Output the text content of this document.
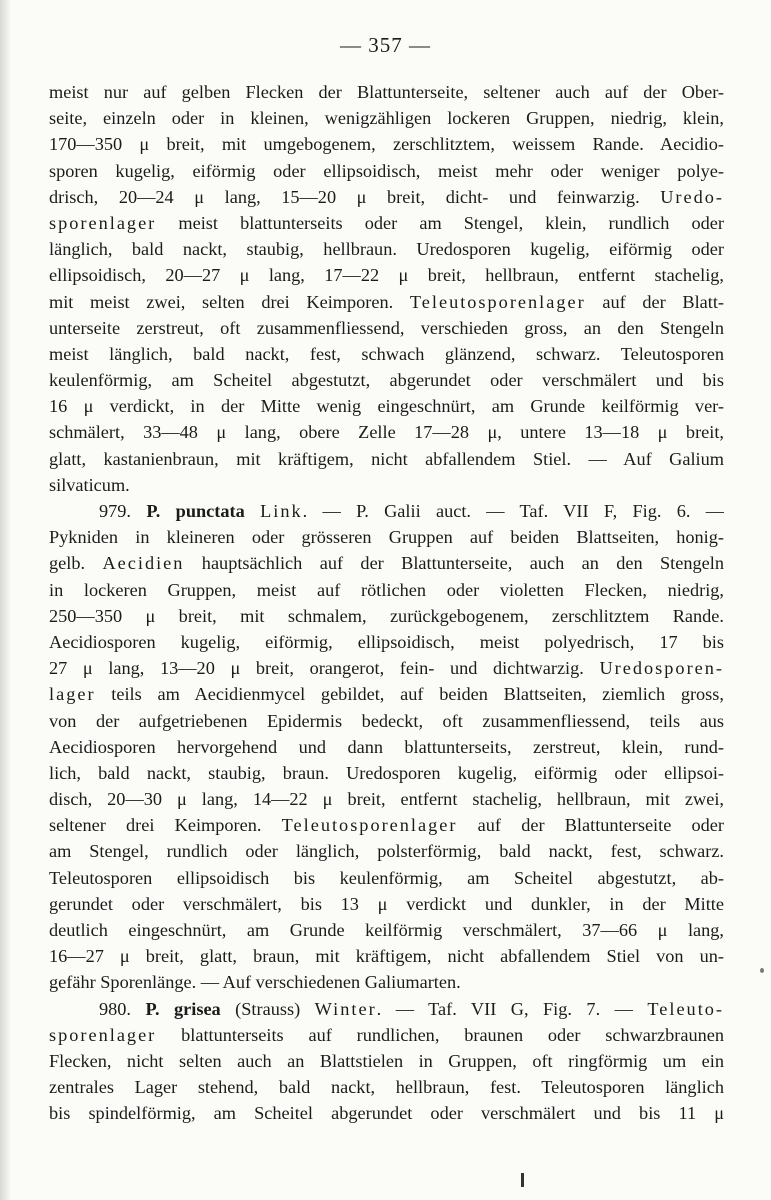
— 357 —
meist nur auf gelben Flecken der Blattunterseite, seltener auch auf der Ober-
seite, einzeln oder in kleinen, wenigzähligen lockeren Gruppen, niedrig, klein,
170—350 μ breit, mit umgebogenem, zerschlitztem, weissem Rande. Aecidio-
sporen kugelig, eiförmig oder ellipsoidisch, meist mehr oder weniger polye-
drisch, 20—24 μ lang, 15—20 μ breit, dicht- und feinwarzig. Uredo-
sporenlager meist blattunterseits oder am Stengel, klein, rundlich oder
länglich, bald nackt, staubig, hellbraun. Uredosporen kugelig, eiförmig oder
ellipsoidisch, 20—27 μ lang, 17—22 μ breit, hellbraun, entfernt stachelig,
mit meist zwei, selten drei Keimporen. Teleutosporenlager auf der Blatt-
unterseite zerstreut, oft zusammenfliessend, verschieden gross, an den Stengeln
meist länglich, bald nackt, fest, schwach glänzend, schwarz. Teleutosporen
keulenförmig, am Scheitel abgestutzt, abgerundet oder verschmälert und bis
16 μ verdickt, in der Mitte wenig eingeschnürt, am Grunde keilförmig ver-
schmälert, 33—48 μ lang, obere Zelle 17—28 μ, untere 13—18 μ breit,
glatt, kastanienbraun, mit kräftigem, nicht abfallendem Stiel. — Auf Galium
silvaticum.
979. P. punctata Link. — P. Galii auct. — Taf. VII F, Fig. 6. —
Pykniden in kleineren oder grösseren Gruppen auf beiden Blattseiten, honig-
gelb. Aecidien hauptsächlich auf der Blattunterseite, auch an den Stengeln
in lockeren Gruppen, meist auf rötlichen oder violetten Flecken, niedrig,
250—350 μ breit, mit schmalem, zurückgebogenem, zerschlitztem Rande.
Aecidiosporen kugelig, eiförmig, ellipsoidisch, meist polyedrisch, 17 bis
27 μ lang, 13—20 μ breit, orangerot, fein- und dichtwarzig. Uredosporen-
lager teils am Aecidienmycel gebildet, auf beiden Blattseiten, ziemlich gross,
von der aufgetriebenen Epidermis bedeckt, oft zusammenfliessend, teils aus
Aecidiosporen hervorgehend und dann blattunterseits, zerstreut, klein, rund-
lich, bald nackt, staubig, braun. Uredosporen kugelig, eiförmig oder ellipsoi-
disch, 20—30 μ lang, 14—22 μ breit, entfernt stachelig, hellbraun, mit zwei,
seltener drei Keimporen. Teleutosporenlager auf der Blattunterseite oder
am Stengel, rundlich oder länglich, polsterförmig, bald nackt, fest, schwarz.
Teleutosporen ellipsoidisch bis keulenförmig, am Scheitel abgestutzt, ab-
gerundet oder verschmälert, bis 13 μ verdickt und dunkler, in der Mitte
deutlich eingeschnürt, am Grunde keilförmig verschmälert, 37—66 μ lang,
16—27 μ breit, glatt, braun, mit kräftigem, nicht abfallendem Stiel von un-
gefähr Sporenlänge. — Auf verschiedenen Galiumarten.
980. P. grisea (Strauss) Winter. — Taf. VII G, Fig. 7. — Teleuto-
sporenlager blattunterseits auf rundlichen, braunen oder schwarzbraunen
Flecken, nicht selten auch an Blattstielen in Gruppen, oft ringförmig um ein
zentrales Lager stehend, bald nackt, hellbraun, fest. Teleutosporen länglich
bis spindelförmig, am Scheitel abgerundet oder verschmälert und bis 11 μ
